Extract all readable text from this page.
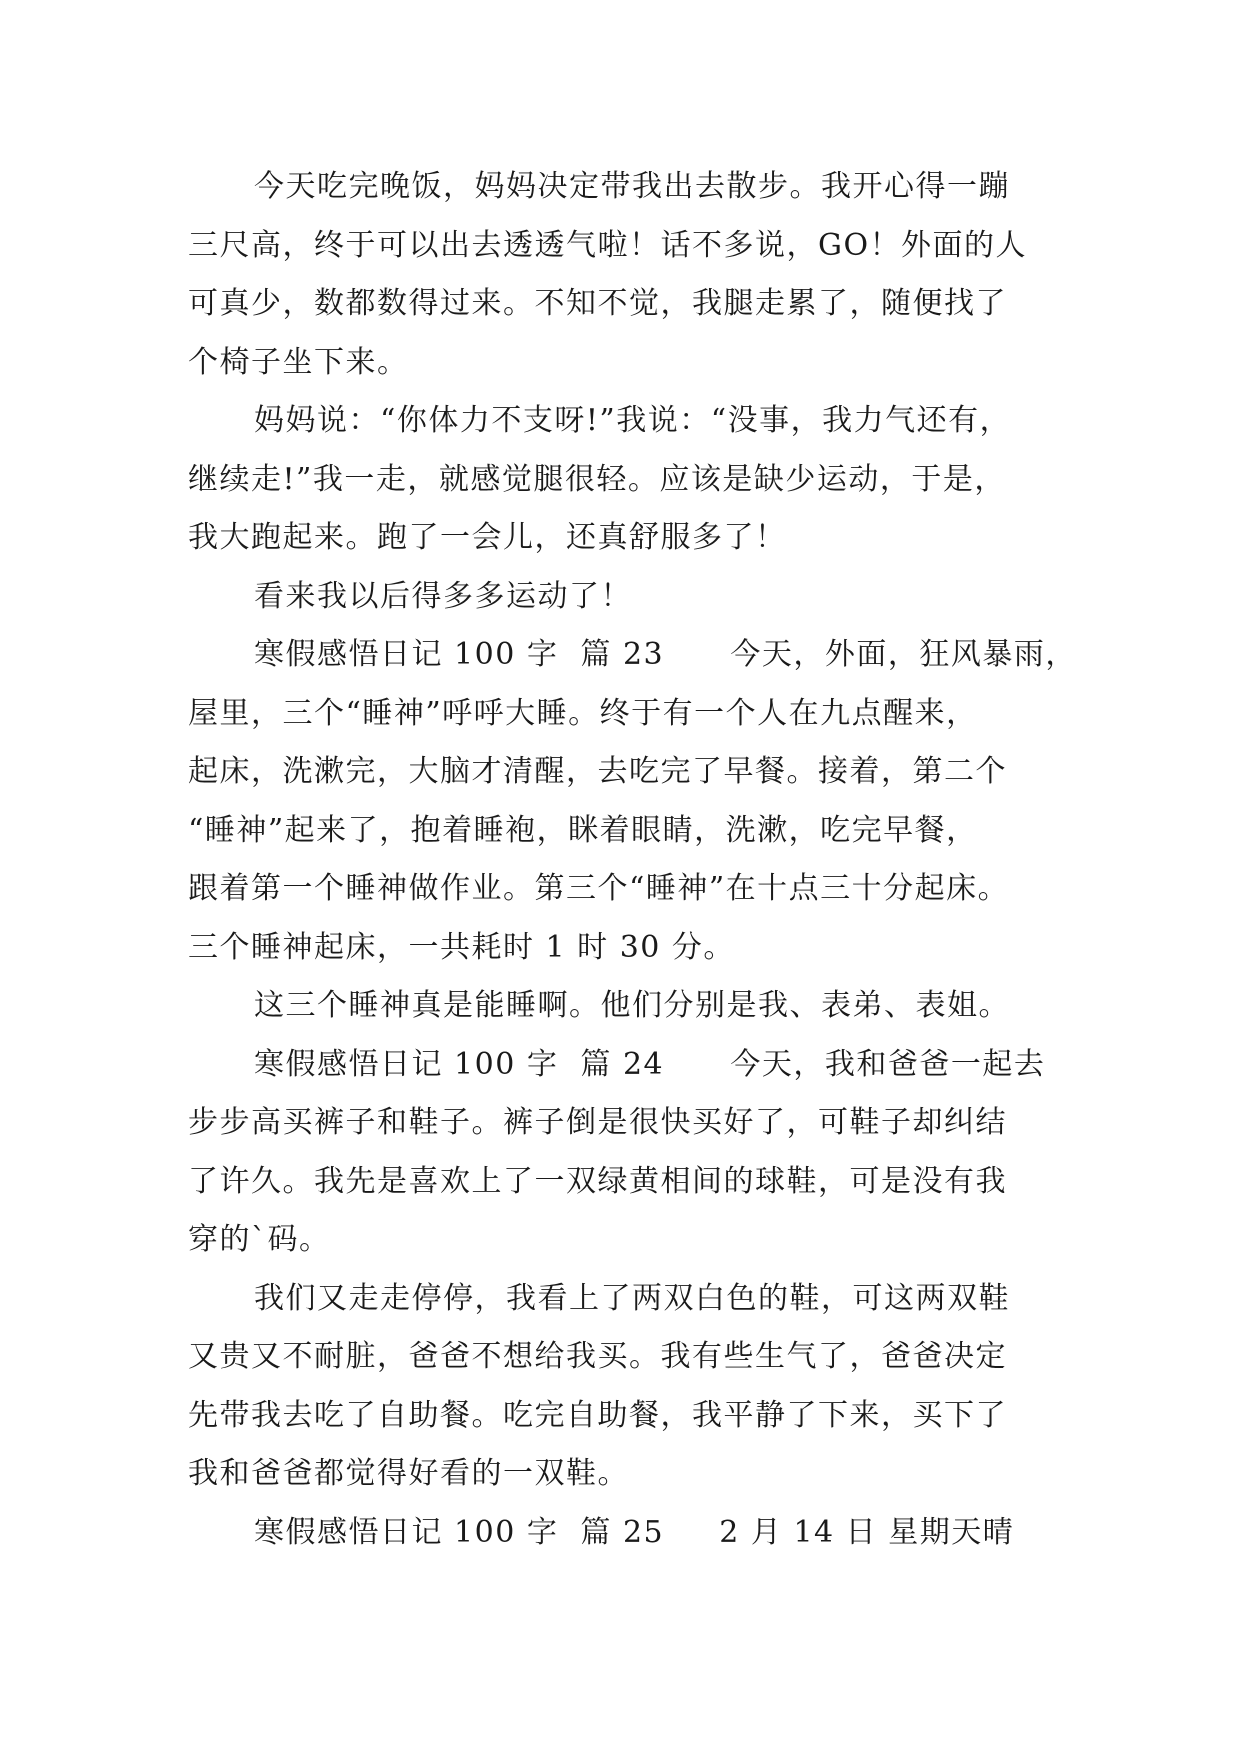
今天吃完晚饭，妈妈决定带我出去散步。我开心得一蹦
三尺高，终于可以出去透透气啦！话不多说，GO！外面的人
可真少，数都数得过来。不知不觉，我腿走累了，随便找了
个椅子坐下来。
妈妈说：“你体力不支呀!”我说：“没事，我力气还有，
继续走!”我一走，就感觉腿很轻。应该是缺少运动，于是，
我大跑起来。跑了一会儿，还真舒服多了！
看来我以后得多多运动了！
寒假感悟日记 100 字  篇 23      今天，外面，狂风暴雨，
屋里，三个“睡神”呼呼大睡。终于有一个人在九点醒来，
起床，洗漱完，大脑才清醒，去吃完了早餐。接着，第二个
“睡神”起来了，抱着睡袍，眯着眼睛，洗漱，吃完早餐，
跟着第一个睡神做作业。第三个“睡神”在十点三十分起床。
三个睡神起床，一共耗时 1 时 30 分。
这三个睡神真是能睡啊。他们分别是我、表弟、表姐。
寒假感悟日记 100 字  篇 24      今天，我和爸爸一起去
步步高买裤子和鞋子。裤子倒是很快买好了，可鞋子却纠结
了许久。我先是喜欢上了一双绿黄相间的球鞋，可是没有我
穿的`码。
我们又走走停停，我看上了两双白色的鞋，可这两双鞋
又贵又不耐脏，爸爸不想给我买。我有些生气了，爸爸决定
先带我去吃了自助餐。吃完自助餐，我平静了下来，买下了
我和爸爸都觉得好看的一双鞋。
寒假感悟日记 100 字  篇 25     2 月 14 日 星期天晴
